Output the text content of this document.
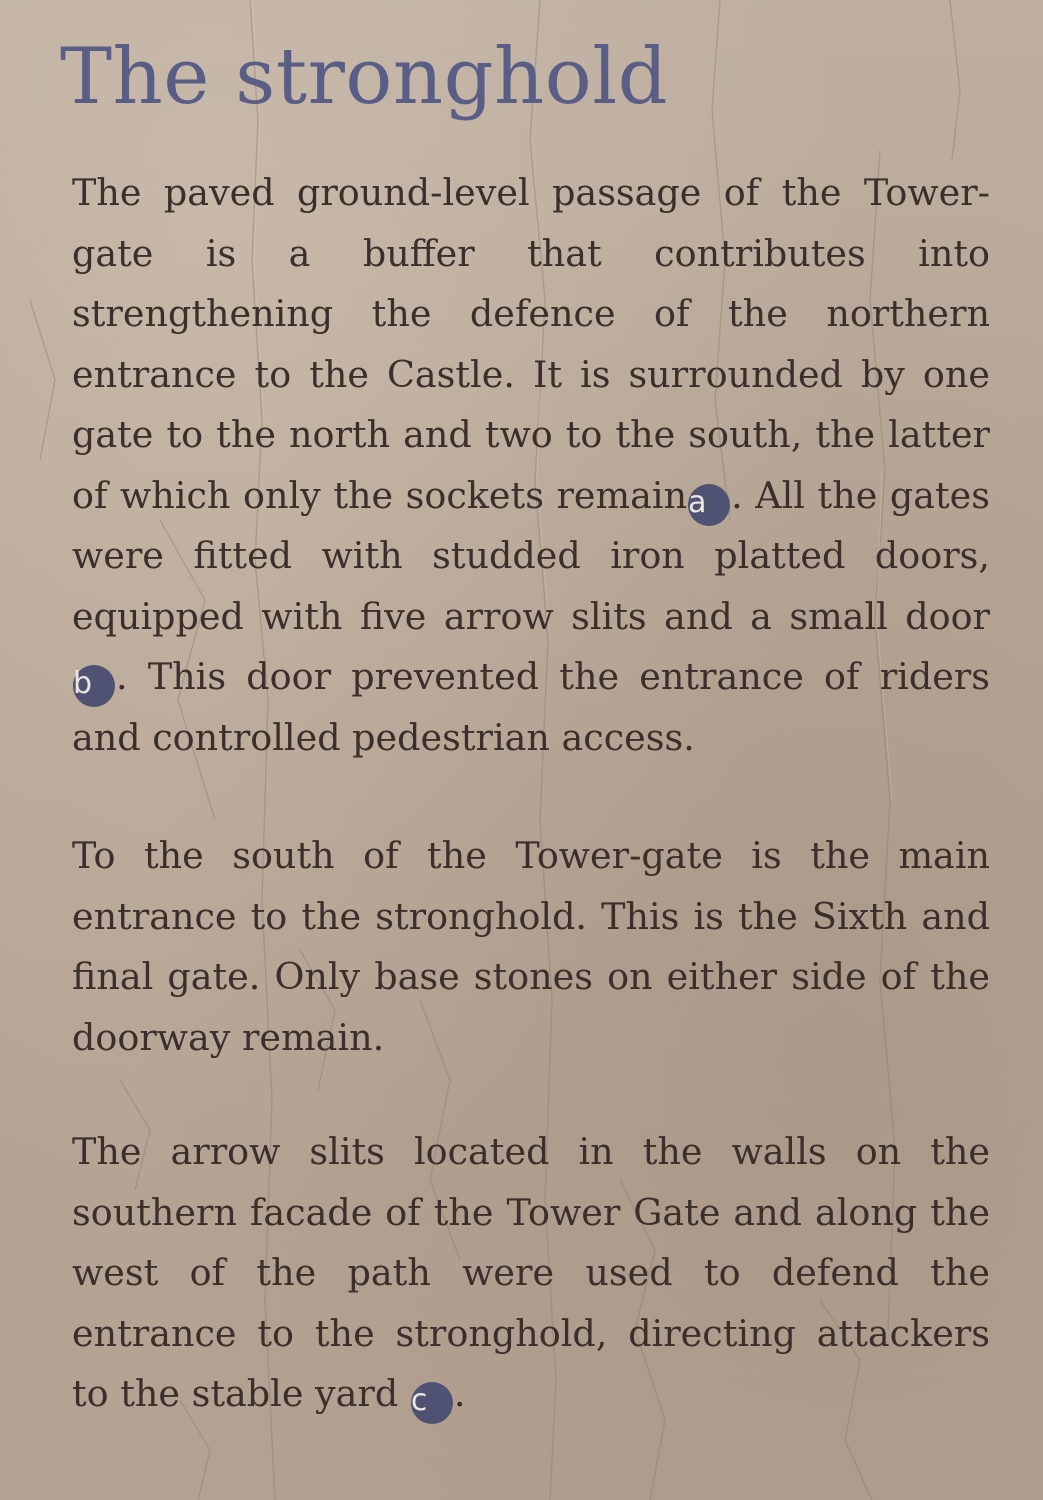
The stronghold

The paved ground-level passage of the Tower-gate is a buffer that contributes into strengthening the defence of the northern entrance to the Castle. It is surrounded by one gate to the north and two to the south, the latter of which only the sockets remaina . All the gates were fitted with studded iron platted doors, equipped with five arrow slits and a small door b . This door prevented the entrance of riders and controlled pedestrian access.

To the south of the Tower-gate is the main entrance to the stronghold. This is the Sixth and final gate. Only base stones on either side of the doorway remain.

The arrow slits located in the walls on the southern facade of the Tower Gate and along the west of the path were used to defend the entrance to the stronghold, directing attackers to the stable yard c .
